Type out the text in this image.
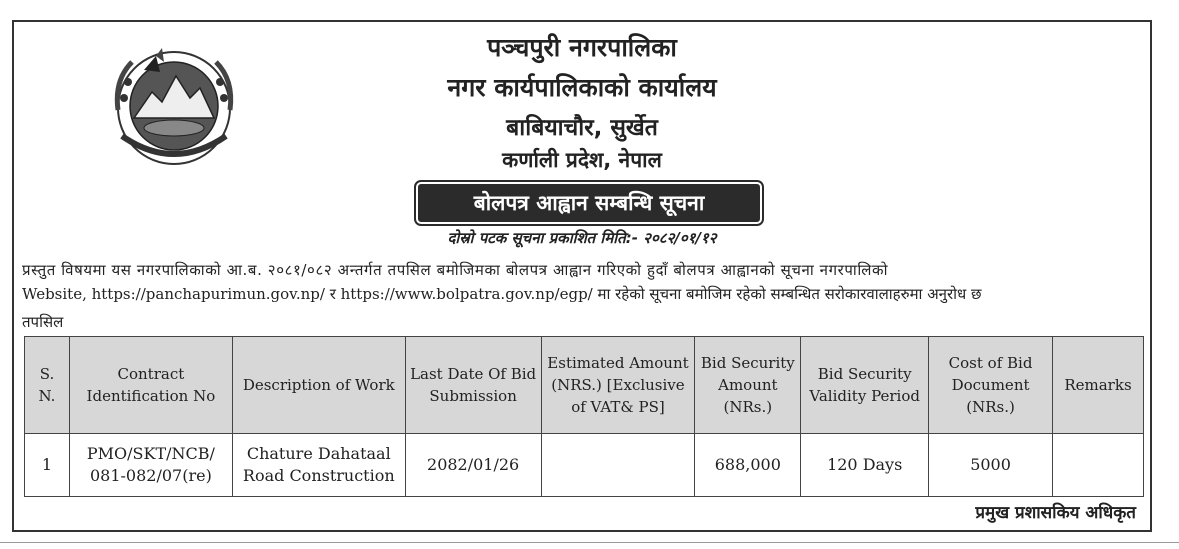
पञ्चपुरी नगरपालिका
नगर कार्यपालिकाको कार्यालय
बाबियाचौर, सुर्खेत
कर्णाली प्रदेश, नेपाल
बोलपत्र आह्वान सम्बन्धि सूचना
दोस्रो पटक सूचना प्रकाशित मिति:- २०८२/०१/१२
प्रस्तुत विषयमा यस नगरपालिकाको आ.ब. २०८१/०८२ अन्तर्गत तपसिल बमोजिमका बोलपत्र आह्वान गरिएको हुदाँ बोलपत्र आह्वानको सूचना नगरपालिको
Website, https://panchapurimun.gov.np/ र https://www.bolpatra.gov.np/egp/ मा रहेको सूचना बमोजिम रहेको सम्बन्धित सरोकारवालाहरुमा अनुरोध छ
तपसिल
S. N.	Contract Identification No	Description of Work	Last Date Of Bid Submission	Estimated Amount (NRS.) [Exclusive of VAT& PS]	Bid Security Amount (NRs.)	Bid Security Validity Period	Cost of Bid Document (NRs.)	Remarks
1	PMO/SKT/NCB/ 081-082/07(re)	Chature Dahataal Road Construction	2082/01/26		688,000	120 Days	5000	
प्रमुख प्रशासकिय अधिकृत
